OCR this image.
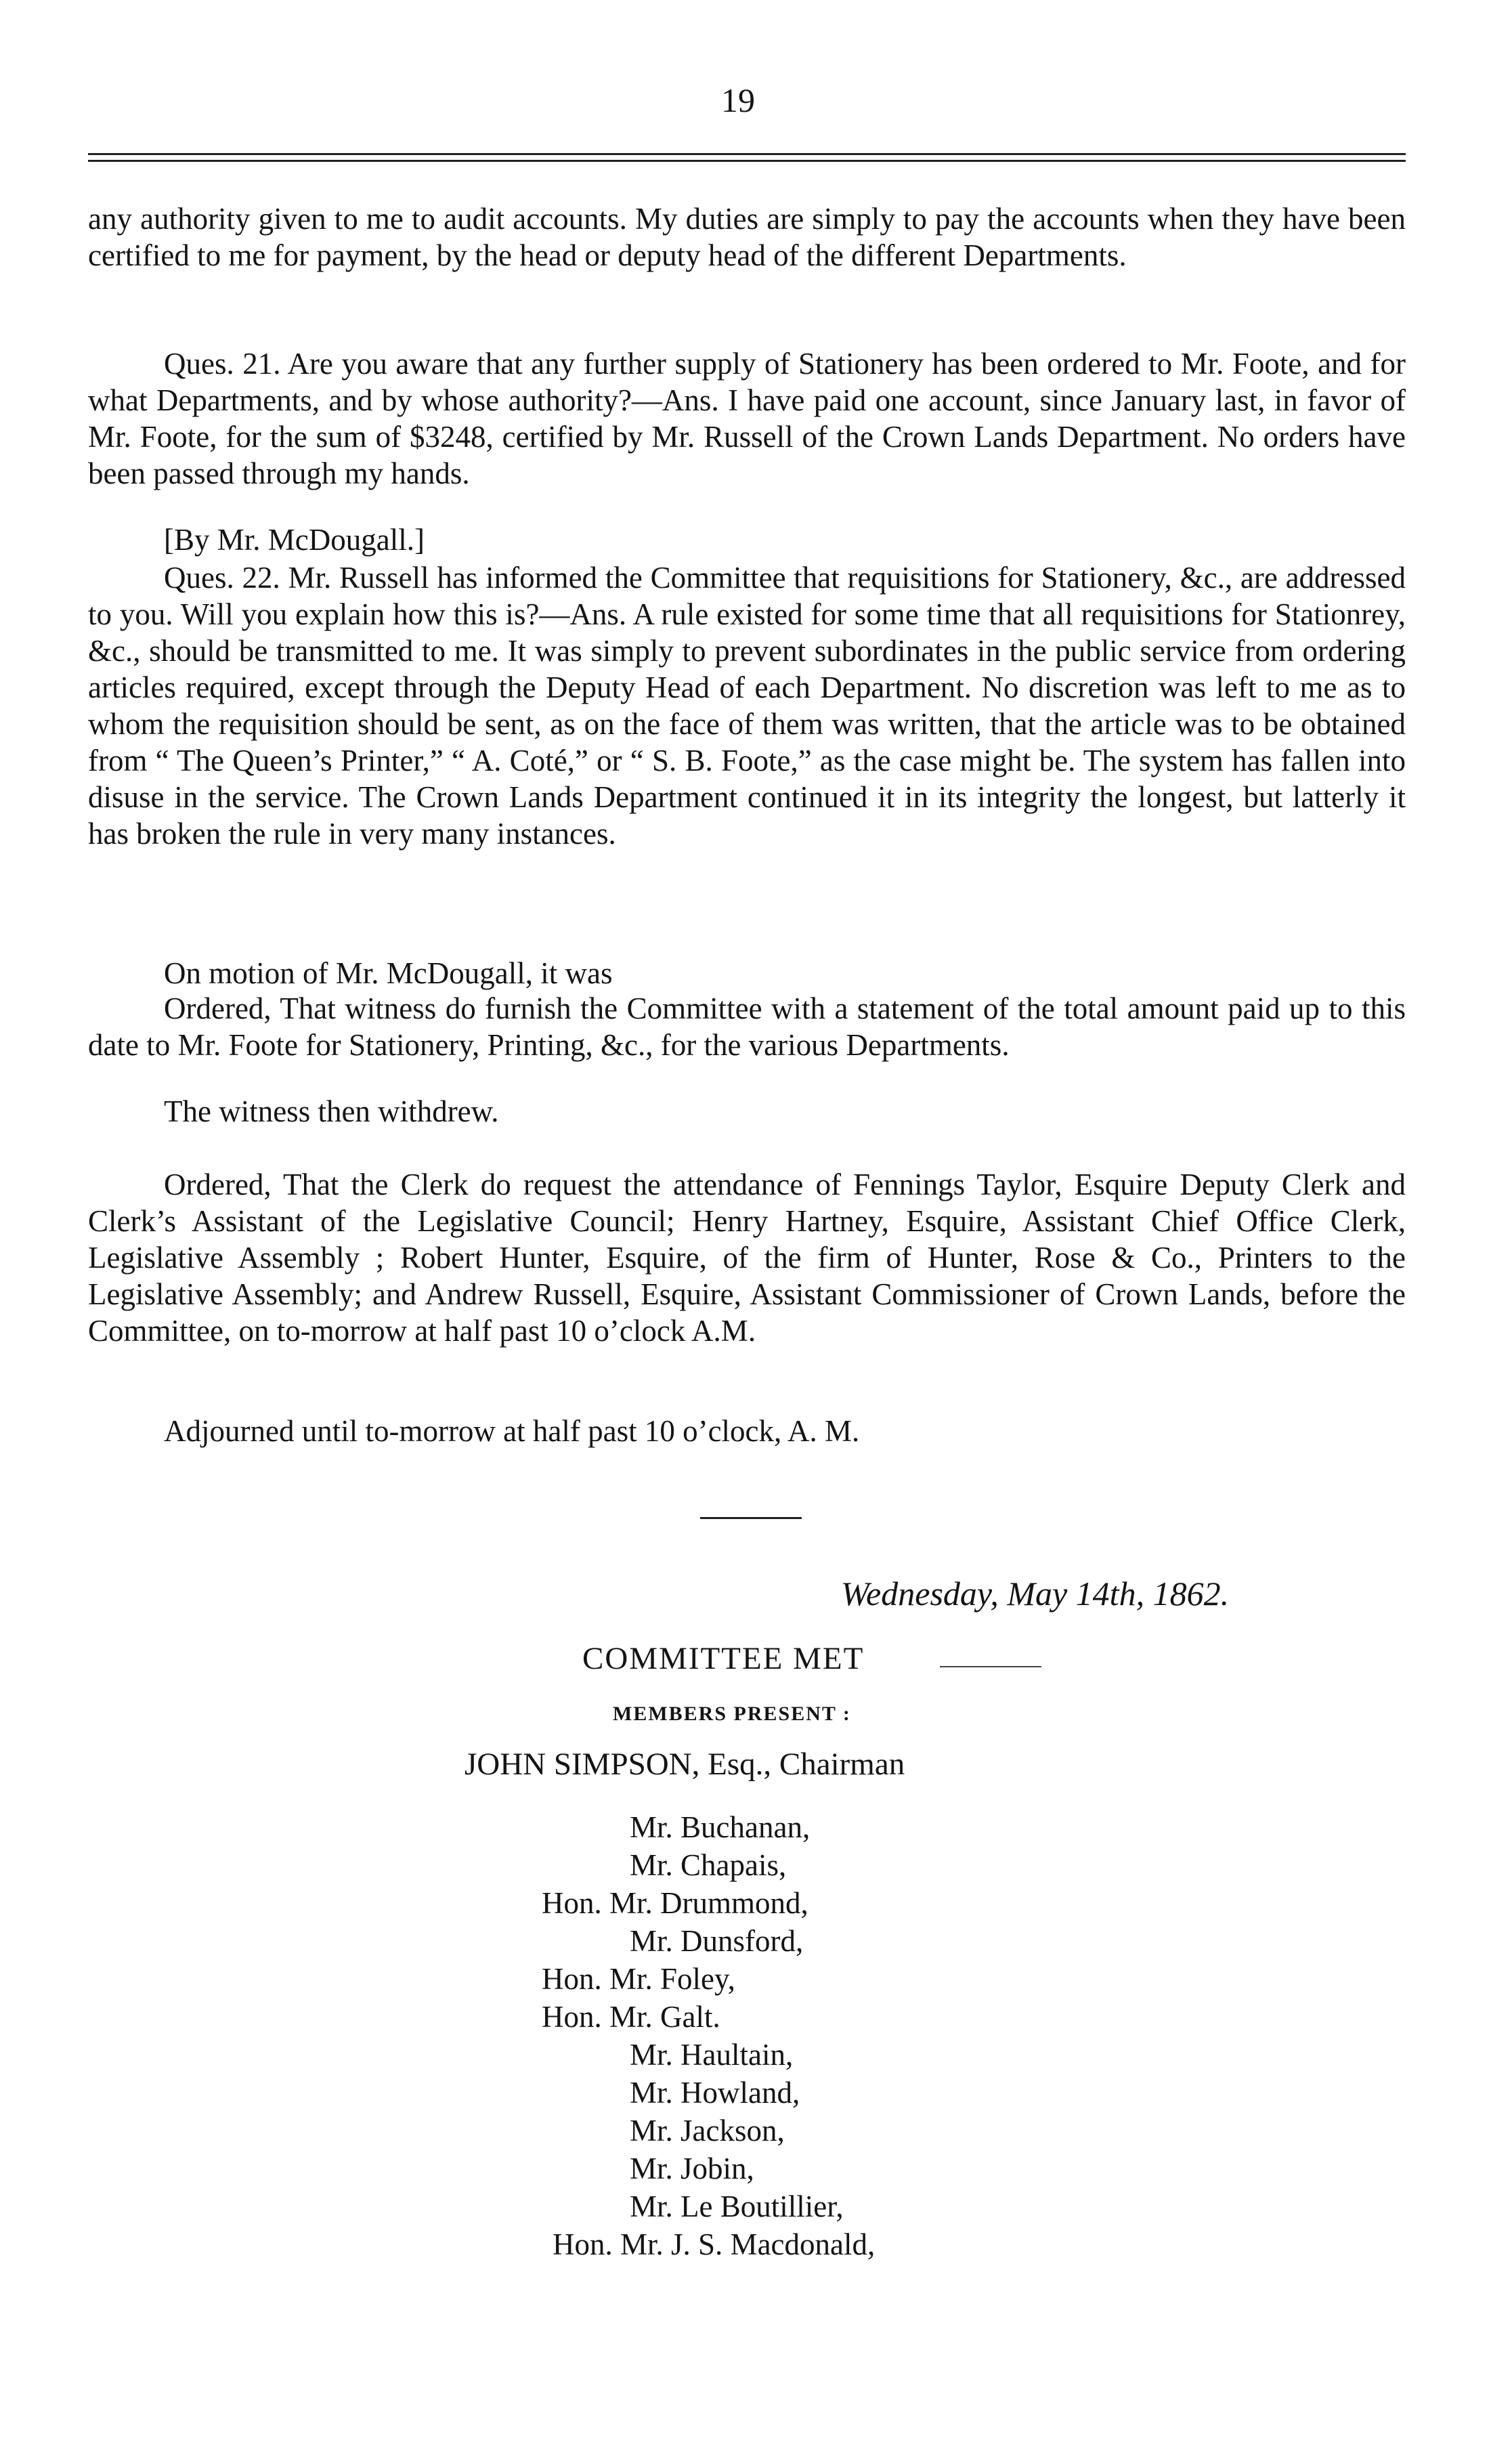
19

any authority given to me to audit accounts. My duties are simply to pay the accounts when they have been certified to me for payment, by the head or deputy head of the different Departments.

Ques. 21. Are you aware that any further supply of Stationery has been ordered to Mr. Foote, and for what Departments, and by whose authority?—Ans. I have paid one account, since January last, in favor of Mr. Foote, for the sum of $3248, certified by Mr. Russell of the Crown Lands Department. No orders have been passed through my hands.

[By Mr. McDougall.]

Ques. 22. Mr. Russell has informed the Committee that requisitions for Stationery, &c., are addressed to you. Will you explain how this is?—Ans. A rule existed for some time that all requisitions for Stationrey, &c., should be transmitted to me. It was simply to prevent subordinates in the public service from ordering articles required, except through the Deputy Head of each Department. No discretion was left to me as to whom the requisition should be sent, as on the face of them was written, that the article was to be obtained from “ The Queen’s Printer,” “ A. Coté,” or “ S. B. Foote,” as the case might be. The system has fallen into disuse in the service. The Crown Lands Department continued it in its integrity the longest, but latterly it has broken the rule in very many instances.

On motion of Mr. McDougall, it was

Ordered, That witness do furnish the Committee with a statement of the total amount paid up to this date to Mr. Foote for Stationery, Printing, &c., for the various Departments.

The witness then withdrew.

Ordered, That the Clerk do request the attendance of Fennings Taylor, Esquire Deputy Clerk and Clerk’s Assistant of the Legislative Council; Henry Hartney, Esquire, Assistant Chief Office Clerk, Legislative Assembly ; Robert Hunter, Esquire, of the firm of Hunter, Rose & Co., Printers to the Legislative Assembly; and Andrew Russell, Esquire, Assistant Commissioner of Crown Lands, before the Committee, on to-morrow at half past 10 o’clock A.M.

Adjourned until to-morrow at half past 10 o’clock, A. M.
Wednesday, May 14th, 1862.
COMMITTEE MET
MEMBERS PRESENT :
JOHN SIMPSON, Esq., Chairman
Mr. Buchanan,
Mr. Chapais,
Hon. Mr. Drummond,
Mr. Dunsford,
Hon. Mr. Foley,
Hon. Mr. Galt.
Mr. Haultain,
Mr. Howland,
Mr. Jackson,
Mr. Jobin,
Mr. Le Boutillier,
Hon. Mr. J. S. Macdonald,
